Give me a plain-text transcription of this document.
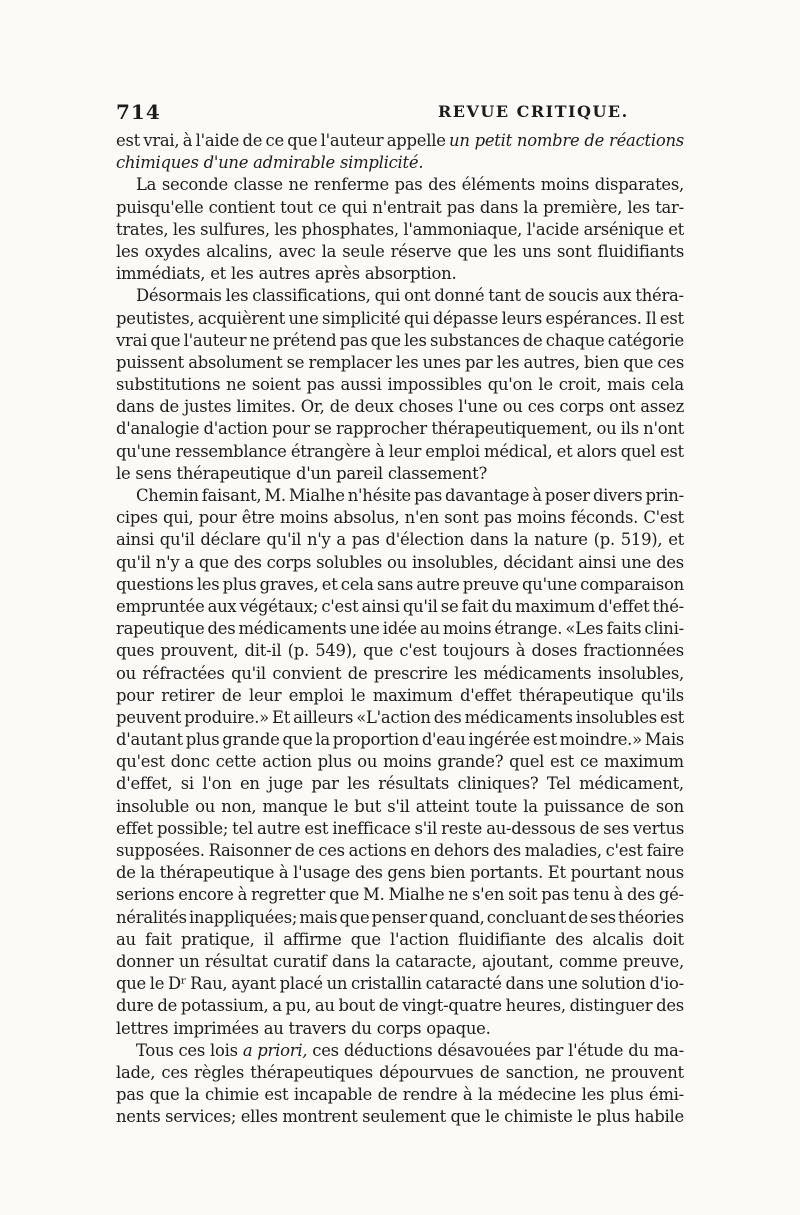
714	REVUE CRITIQUE.
est vrai, à l'aide de ce que l'auteur appelle un petit nombre de réactions
chimiques d'une admirable simplicité.
La seconde classe ne renferme pas des éléments moins disparates,
puisqu'elle contient tout ce qui n'entrait pas dans la première, les tar-
trates, les sulfures, les phosphates, l'ammoniaque, l'acide arsénique et
les oxydes alcalins, avec la seule réserve que les uns sont fluidifiants
immédiats, et les autres après absorption.
Désormais les classifications, qui ont donné tant de soucis aux théra-
peutistes, acquièrent une simplicité qui dépasse leurs espérances. Il est
vrai que l'auteur ne prétend pas que les substances de chaque catégorie
puissent absolument se remplacer les unes par les autres, bien que ces
substitutions ne soient pas aussi impossibles qu'on le croit, mais cela
dans de justes limites. Or, de deux choses l'une ou ces corps ont assez
d'analogie d'action pour se rapprocher thérapeutiquement, ou ils n'ont
qu'une ressemblance étrangère à leur emploi médical, et alors quel est
le sens thérapeutique d'un pareil classement?
Chemin faisant, M. Mialhe n'hésite pas davantage à poser divers prin-
cipes qui, pour être moins absolus, n'en sont pas moins féconds. C'est
ainsi qu'il déclare qu'il n'y a pas d'élection dans la nature (p. 519), et
qu'il n'y a que des corps solubles ou insolubles, décidant ainsi une des
questions les plus graves, et cela sans autre preuve qu'une comparaison
empruntée aux végétaux; c'est ainsi qu'il se fait du maximum d'effet thé-
rapeutique des médicaments une idée au moins étrange. «Les faits clini-
ques prouvent, dit-il (p. 549), que c'est toujours à doses fractionnées
ou réfractées qu'il convient de prescrire les médicaments insolubles,
pour retirer de leur emploi le maximum d'effet thérapeutique qu'ils
peuvent produire.» Et ailleurs «L'action des médicaments insolubles est
d'autant plus grande que la proportion d'eau ingérée est moindre.» Mais
qu'est donc cette action plus ou moins grande? quel est ce maximum
d'effet, si l'on en juge par les résultats cliniques? Tel médicament,
insoluble ou non, manque le but s'il atteint toute la puissance de son
effet possible; tel autre est inefficace s'il reste au-dessous de ses vertus
supposées. Raisonner de ces actions en dehors des maladies, c'est faire
de la thérapeutique à l'usage des gens bien portants. Et pourtant nous
serions encore à regretter que M. Mialhe ne s'en soit pas tenu à des gé-
néralités inappliquées; mais que penser quand, concluant de ses théories
au fait pratique, il affirme que l'action fluidifiante des alcalis doit
donner un résultat curatif dans la cataracte, ajoutant, comme preuve,
que le Dʳ Rau, ayant placé un cristallin cataracté dans une solution d'io-
dure de potassium, a pu, au bout de vingt-quatre heures, distinguer des
lettres imprimées au travers du corps opaque.
Tous ces lois a priori, ces déductions désavouées par l'étude du ma-
lade, ces règles thérapeutiques dépourvues de sanction, ne prouvent
pas que la chimie est incapable de rendre à la médecine les plus émi-
nents services; elles montrent seulement que le chimiste le plus habile
